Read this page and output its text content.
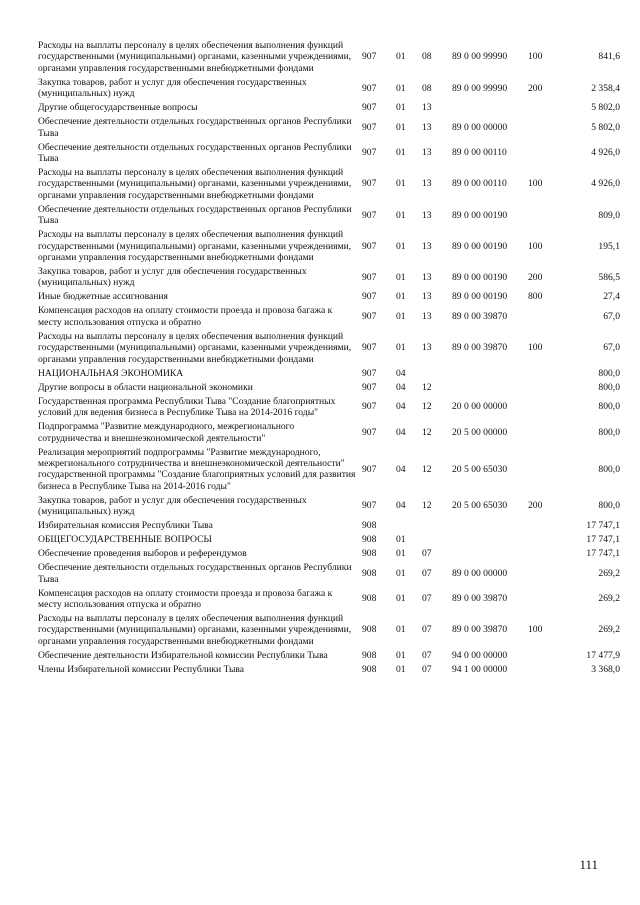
Расходы на выплаты персоналу в целях обеспечения выполнения функций государственными (муниципальными) органами, казенными учреждениями, органами управления государственными внебюджетными фондами	907	01	08	89 0 00 99990	100	841,6
Закупка товаров, работ и услуг для обеспечения государственных (муниципальных) нужд	907	01	08	89 0 00 99990	200	2 358,4
Другие общегосударственные вопросы	907	01	13			5 802,0
Обеспечение деятельности отдельных государственных органов Республики Тыва	907	01	13	89 0 00 00000		5 802,0
Обеспечение деятельности отдельных государственных органов Республики Тыва	907	01	13	89 0 00 00110		4 926,0
Расходы на выплаты персоналу в целях обеспечения выполнения функций государственными (муниципальными) органами, казенными учреждениями, органами управления государственными внебюджетными фондами	907	01	13	89 0 00 00110	100	4 926,0
Обеспечение деятельности отдельных государственных органов Республики Тыва	907	01	13	89 0 00 00190		809,0
Расходы на выплаты персоналу в целях обеспечения выполнения функций государственными (муниципальными) органами, казенными учреждениями, органами управления государственными внебюджетными фондами	907	01	13	89 0 00 00190	100	195,1
Закупка товаров, работ и услуг для обеспечения государственных (муниципальных) нужд	907	01	13	89 0 00 00190	200	586,5
Иные бюджетные ассигнования	907	01	13	89 0 00 00190	800	27,4
Компенсация расходов на оплату стоимости проезда и провоза багажа к месту использования отпуска и обратно	907	01	13	89 0 00 39870		67,0
Расходы на выплаты персоналу в целях обеспечения выполнения функций государственными (муниципальными) органами, казенными учреждениями, органами управления государственными внебюджетными фондами	907	01	13	89 0 00 39870	100	67,0
НАЦИОНАЛЬНАЯ ЭКОНОМИКА	907	04				800,0
Другие вопросы в области национальной экономики	907	04	12			800,0
Государственная программа Республики Тыва "Создание благоприятных условий для ведения бизнеса в Республике Тыва на 2014-2016 годы"	907	04	12	20 0 00 00000		800,0
Подпрограмма "Развитие международного, межрегионального сотрудничества и внешнеэкономической деятельности"	907	04	12	20 5 00 00000		800,0
Реализация мероприятий подпрограммы "Развитие международного, межрегионального сотрудничества и внешнеэкономической деятельности" государственной программы "Создание благоприятных условий для развития бизнеса в Республике Тыва на 2014-2016 годы"	907	04	12	20 5 00 65030		800,0
Закупка товаров, работ и услуг для обеспечения государственных (муниципальных) нужд	907	04	12	20 5 00 65030	200	800,0
Избирательная комиссия Республики Тыва	908					17 747,1
ОБЩЕГОСУДАРСТВЕННЫЕ ВОПРОСЫ	908	01				17 747,1
Обеспечение проведения выборов и референдумов	908	01	07			17 747,1
Обеспечение деятельности отдельных государственных органов Республики Тыва	908	01	07	89 0 00 00000		269,2
Компенсация расходов на оплату стоимости проезда и провоза багажа к месту использования отпуска и обратно	908	01	07	89 0 00 39870		269,2
Расходы на выплаты персоналу в целях обеспечения выполнения функций государственными (муниципальными) органами, казенными учреждениями, органами управления государственными внебюджетными фондами	908	01	07	89 0 00 39870	100	269,2
Обеспечение деятельности Избирательной комиссии Республики Тыва	908	01	07	94 0 00 00000		17 477,9
Члены Избирательной комиссии Республики Тыва	908	01	07	94 1 00 00000		3 368,0
111
